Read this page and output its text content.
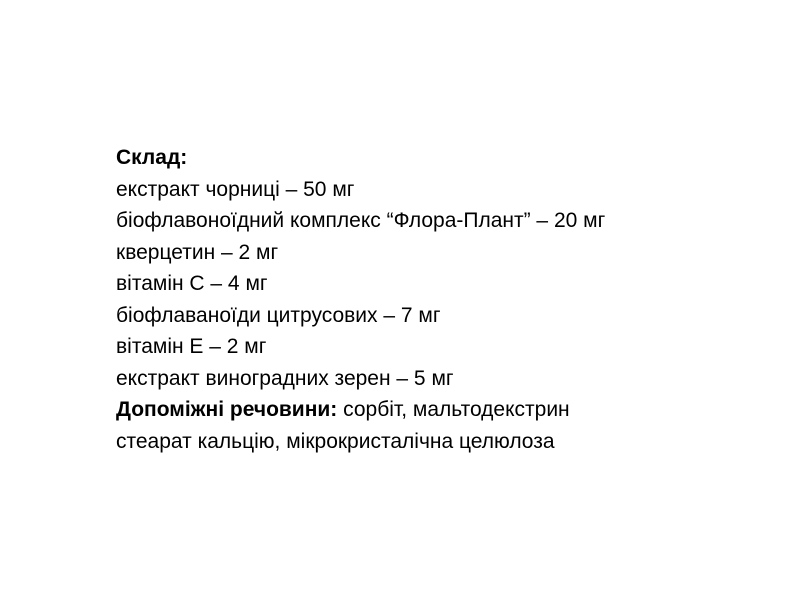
Склад:
екстракт чорниці – 50 мг
біофлавоноїдний комплекс “Флора-Плант” – 20 мг
кверцетин – 2 мг
вітамін С – 4 мг
біофлаваноїди цитрусових – 7 мг
вітамін Е – 2 мг
екстракт виноградних зерен – 5 мг
Допоміжні речовини: сорбіт, мальтодекстрин
стеарат кальцію, мікрокристалічна целюлоза
